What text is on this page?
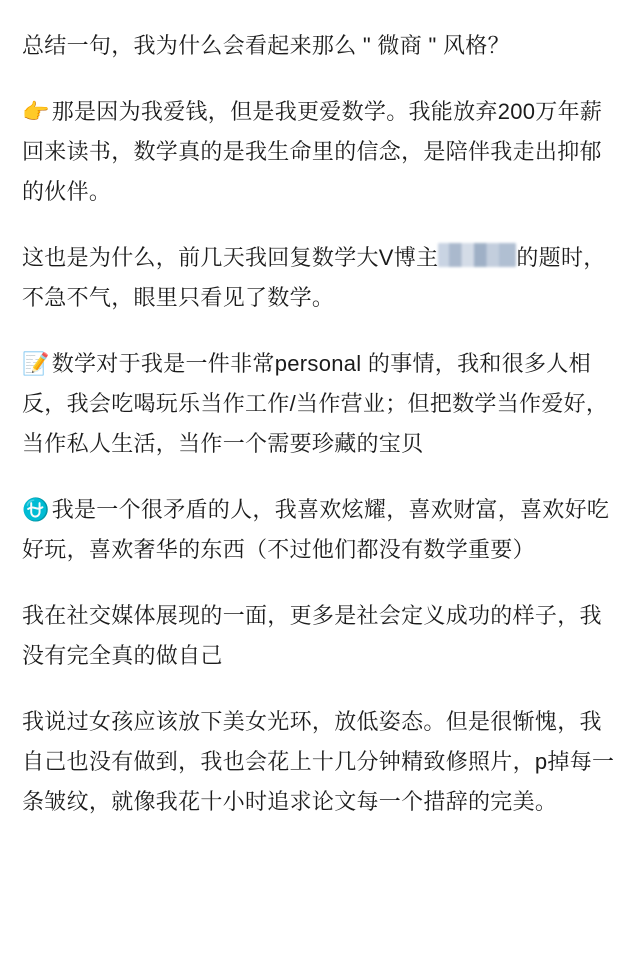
总结一句，我为什么会看起来那么 " 微商 " 风格？

👉那是因为我爱钱，但是我更爱数学。我能放弃200万年薪回来读书，数学真的是我生命里的信念，是陪伴我走出抑郁的伙伴。

这也是为什么，前几天我回复数学大V博主	的题时，不急不气，眼里只看见了数学。

📝数学对于我是一件非常personal 的事情，我和很多人相反，我会吃喝玩乐当作工作/当作营业；但把数学当作爱好，当作私人生活，当作一个需要珍藏的宝贝

⛎我是一个很矛盾的人，我喜欢炫耀，喜欢财富，喜欢好吃好玩，喜欢奢华的东西（不过他们都没有数学重要）

我在社交媒体展现的一面，更多是社会定义成功的样子，我没有完全真的做自己

我说过女孩应该放下美女光环，放低姿态。但是很惭愧，我自己也没有做到，我也会花上十几分钟精致修照片，p掉每一条皱纹，就像我花十小时追求论文每一个措辞的完美。
